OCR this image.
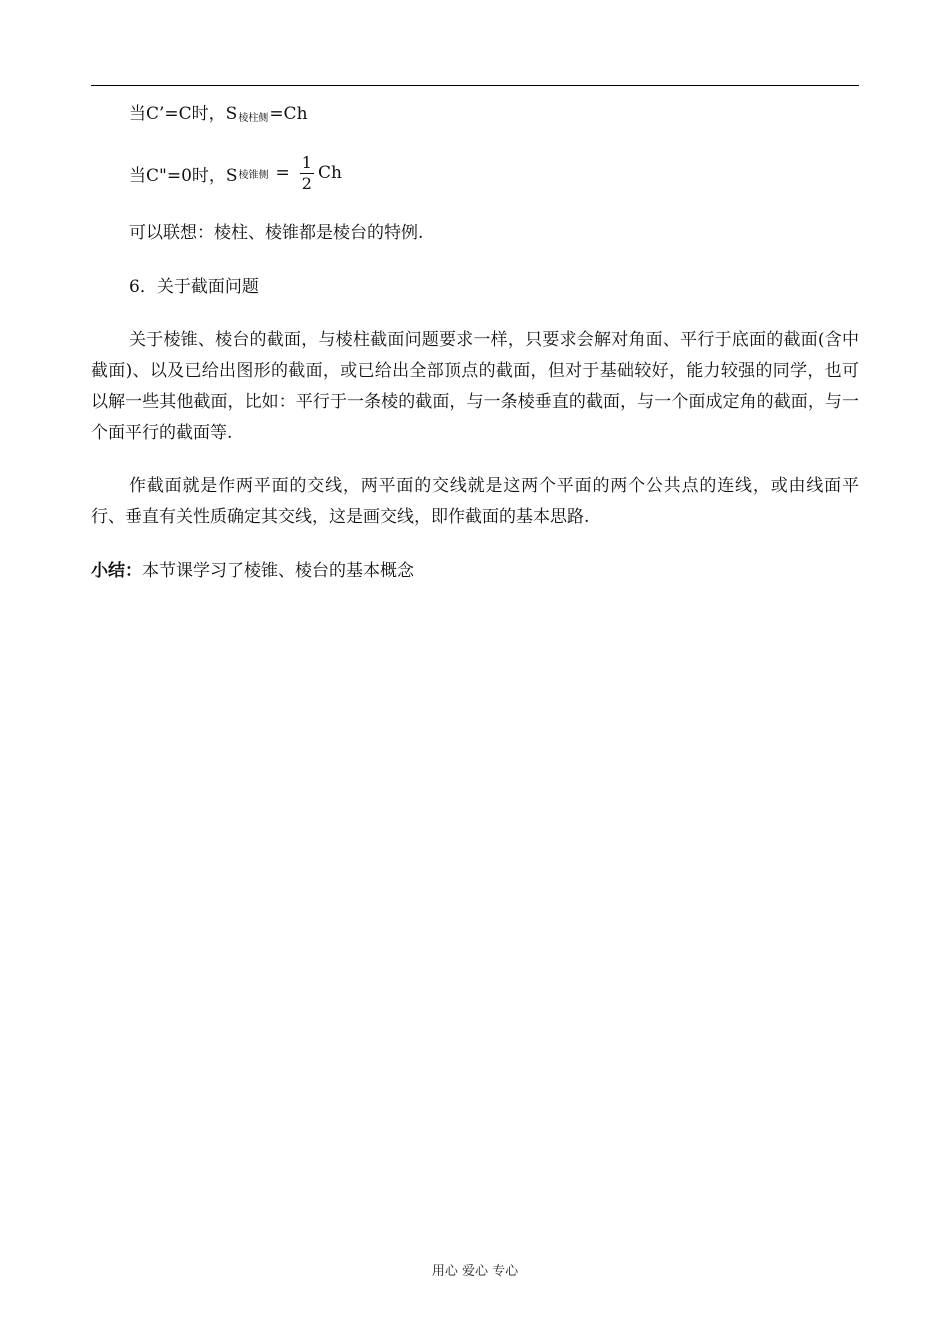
当C’=C时，$S_{棱柱侧}=Ch$
当C"=0时，S 棱锥侧 = $\frac{1}{2}$ Ch
可以联想：棱柱、棱锥都是棱台的特例.
6．关于截面问题

关于棱锥、棱台的截面，与棱柱截面问题要求一样，只要求会解对角面、平行于底面的截面(含中截面)、以及已给出图形的截面，或已给出全部顶点的截面，但对于基础较好，能力较强的同学，也可以解一些其他截面，比如：平行于一条棱的截面，与一条棱垂直的截面，与一个面成定角的截面，与一个面平行的截面等.

作截面就是作两平面的交线，两平面的交线就是这两个平面的两个公共点的连线，或由线面平行、垂直有关性质确定其交线，这是画交线，即作截面的基本思路.

小结：本节课学习了棱锥、棱台的基本概念
用心 爱心 专心
